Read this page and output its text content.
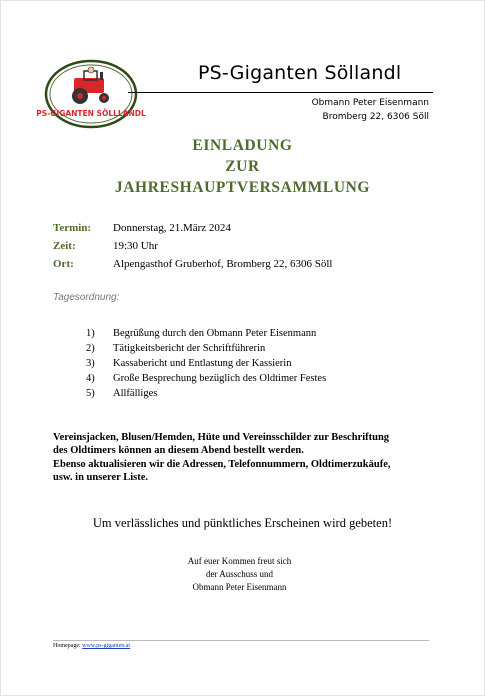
PS-GIGANTEN SÖLLLANDL
PS-Giganten Söllandl
Obmann Peter Eisenmann
Bromberg 22, 6306 Söll
EINLADUNG
ZUR
JAHRESHAUPTVERSAMMLUNG
Termin: Donnerstag, 21.März 2024
Zeit:	19:30 Uhr
Ort:	Alpengasthof Gruberhof, Bromberg 22, 6306 Söll
Tagesordnung:
1) Begrüßung durch den Obmann Peter Eisenmann
2) Tätigkeitsbericht der Schriftführerin
3) Kassabericht und Entlastung der Kassierin
4) Große Besprechung bezüglich des Oldtimer Festes
5) Allfälliges
Vereinsjacken, Blusen/Hemden, Hüte und Vereinsschilder zur Beschriftung
des Oldtimers können an diesem Abend bestellt werden.
Ebenso aktualisieren wir die Adressen, Telefonnummern, Oldtimerzukäufe,
usw. in unserer Liste.
Um verlässliches und pünktliches Erscheinen wird gebeten!
Auf euer Kommen freut sich
der Ausschuss und
Obmann Peter Eisenmann
Homepage: www.ps-giganten.at
